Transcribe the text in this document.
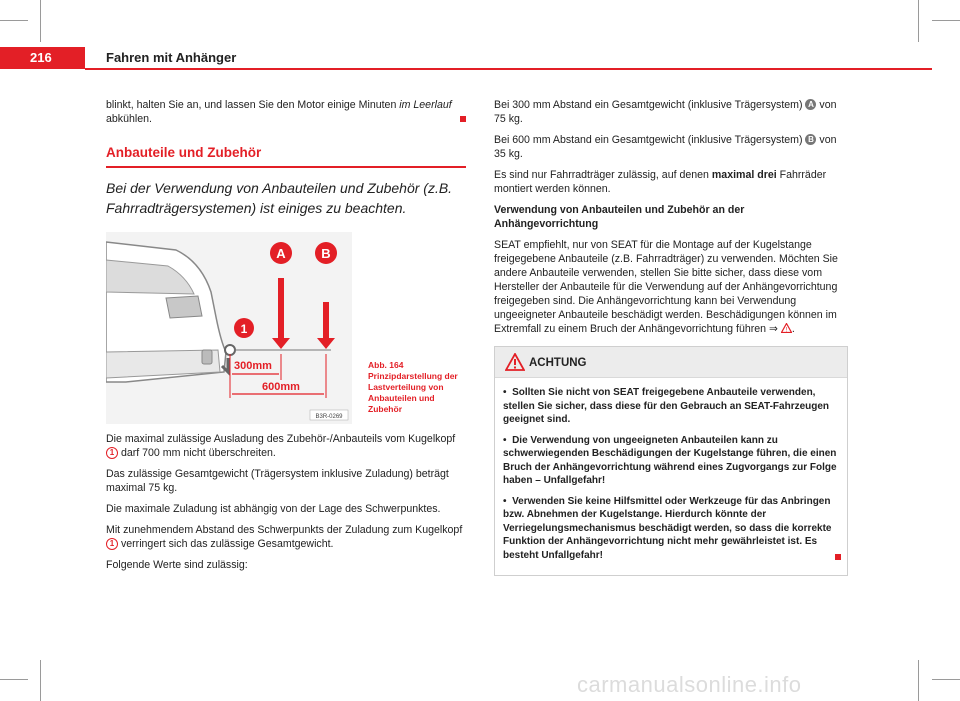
216	Fahren mit Anhänger

blinkt, halten Sie an, und lassen Sie den Motor einige Minuten im Leerlauf abkühlen.

Anbauteile und Zubehör
Bei der Verwendung von Anbauteilen und Zubehör (z.B. Fahrradträgersystemen) ist einiges zu beachten.
A	B
1
300mm
600mm
B3R-0269
Abb. 164 Prinzipdarstellung der Lastverteilung von Anbauteilen und Zubehör

Die maximal zulässige Ausladung des Zubehör-/Anbauteils vom Kugelkopf 1 darf 700 mm nicht überschreiten.

Das zulässige Gesamtgewicht (Trägersystem inklusive Zuladung) beträgt maximal 75 kg.

Die maximale Zuladung ist abhängig von der Lage des Schwerpunktes.

Mit zunehmendem Abstand des Schwerpunkts der Zuladung zum Kugelkopf 1 verringert sich das zulässige Gesamtgewicht.

Folgende Werte sind zulässig:

Bei 300 mm Abstand ein Gesamtgewicht (inklusive Trägersystem) A von 75 kg.

Bei 600 mm Abstand ein Gesamtgewicht (inklusive Trägersystem) B von 35 kg.

Es sind nur Fahrradträger zulässig, auf denen maximal drei Fahrräder montiert werden können.

Verwendung von Anbauteilen und Zubehör an der Anhängevorrichtung

SEAT empfiehlt, nur von SEAT für die Montage auf der Kugelstange freigegebene Anbauteile (z.B. Fahrradträger) zu verwenden. Möchten Sie andere Anbauteile verwenden, stellen Sie bitte sicher, dass diese vom Hersteller der Anbauteile für die Verwendung auf der Anhängevorrichtung freigegeben sind. Die Anhängevorrichtung kann bei Verwendung ungeeigneter Anbauteile beschädigt werden. Beschädigungen können im Extremfall zu einem Bruch der Anhängevorrichtung führen ⇒ ! .

ACHTUNG
•  Sollten Sie nicht von SEAT freigegebene Anbauteile verwenden, stellen Sie sicher, dass diese für den Gebrauch an SEAT-Fahrzeugen geeignet sind.
•  Die Verwendung von ungeeigneten Anbauteilen kann zu schwerwiegenden Beschädigungen der Kugelstange führen, die einen Bruch der Anhängevorrichtung während eines Zugvorgangs zur Folge haben – Unfallgefahr!
•  Verwenden Sie keine Hilfsmittel oder Werkzeuge für das Anbringen bzw. Abnehmen der Kugelstange. Hierdurch könnte der Verriegelungsmechanismus beschädigt werden, so dass die korrekte Funktion der Anhängevorrichtung nicht mehr gewährleistet ist. Es besteht Unfallgefahr!
carmanualsonline.info
